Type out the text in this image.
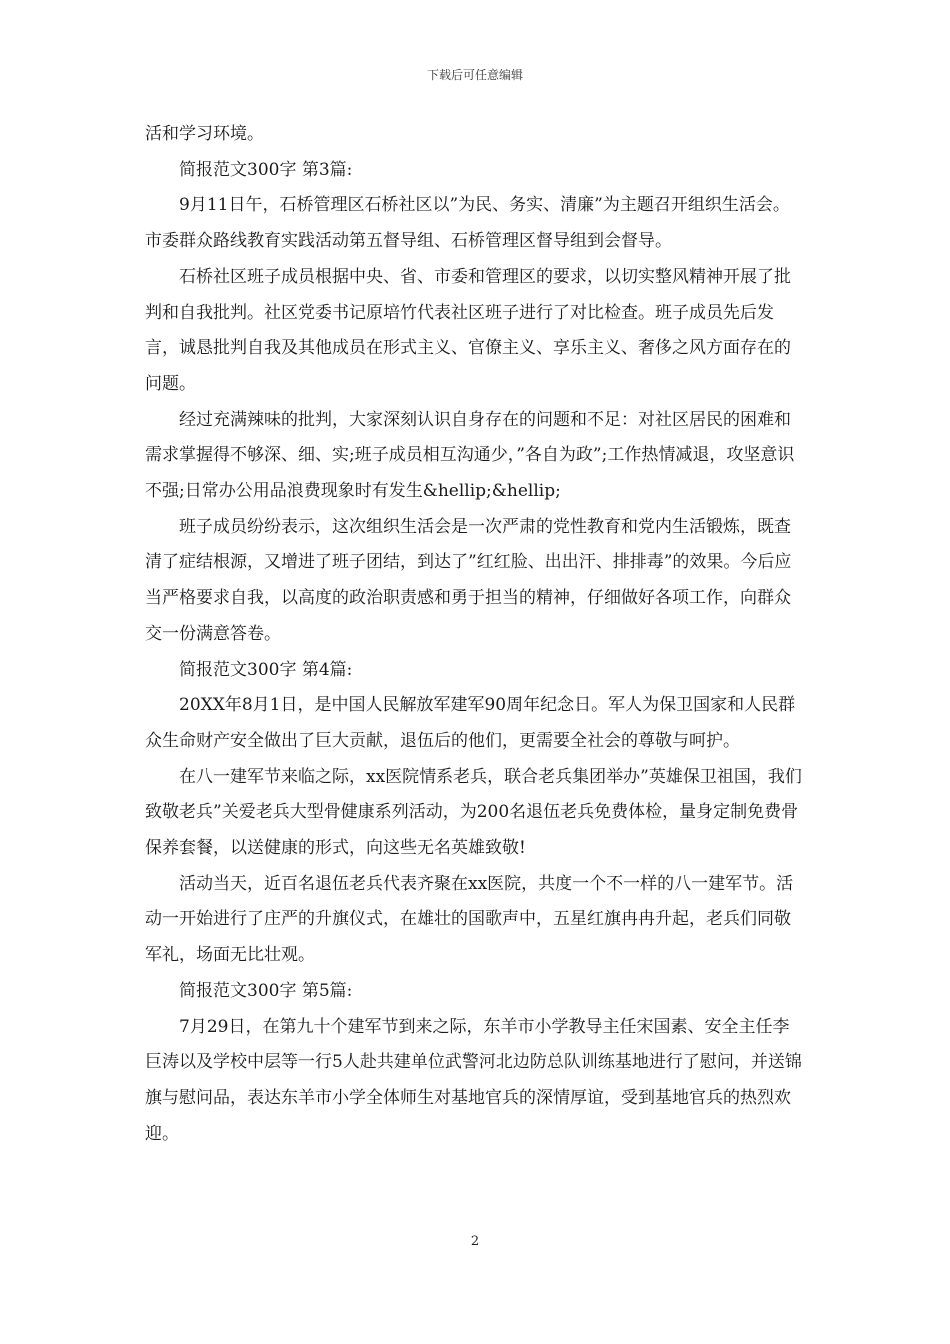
下载后可任意编辑

活和学习环境。

简报范文300字 第3篇:

9月11日午，石桥管理区石桥社区以”为民、务实、清廉”为主题召开组织生活会。市委群众路线教育实践活动第五督导组、石桥管理区督导组到会督导。

石桥社区班子成员根据中央、省、市委和管理区的要求，以切实整风精神开展了批判和自我批判。社区党委书记原培竹代表社区班子进行了对比检查。班子成员先后发言，诚恳批判自我及其他成员在形式主义、官僚主义、享乐主义、奢侈之风方面存在的问题。

经过充满辣味的批判，大家深刻认识自身存在的问题和不足：对社区居民的困难和需求掌握得不够深、细、实;班子成员相互沟通少，”各自为政”;工作热情减退，攻坚意识不强;日常办公用品浪费现象时有发生&hellip;&hellip;

班子成员纷纷表示，这次组织生活会是一次严肃的党性教育和党内生活锻炼，既查清了症结根源，又增进了班子团结，到达了”红红脸、出出汗、排排毒”的效果。今后应当严格要求自我，以高度的政治职责感和勇于担当的精神，仔细做好各项工作，向群众交一份满意答卷。

简报范文300字 第4篇:

20XX年8月1日，是中国人民解放军建军90周年纪念日。军人为保卫国家和人民群众生命财产安全做出了巨大贡献，退伍后的他们，更需要全社会的尊敬与呵护。

在八一建军节来临之际，xx医院情系老兵，联合老兵集团举办”英雄保卫祖国，我们致敬老兵”关爱老兵大型骨健康系列活动，为200名退伍老兵免费体检，量身定制免费骨保养套餐，以送健康的形式，向这些无名英雄致敬!

活动当天，近百名退伍老兵代表齐聚在xx医院，共度一个不一样的八一建军节。活动一开始进行了庄严的升旗仪式，在雄壮的国歌声中，五星红旗冉冉升起，老兵们同敬军礼，场面无比壮观。

简报范文300字 第5篇:

7月29日，在第九十个建军节到来之际，东羊市小学教导主任宋国素、安全主任李巨涛以及学校中层等一行5人赴共建单位武警河北边防总队训练基地进行了慰问，并送锦旗与慰问品，表达东羊市小学全体师生对基地官兵的深情厚谊，受到基地官兵的热烈欢迎。

2
